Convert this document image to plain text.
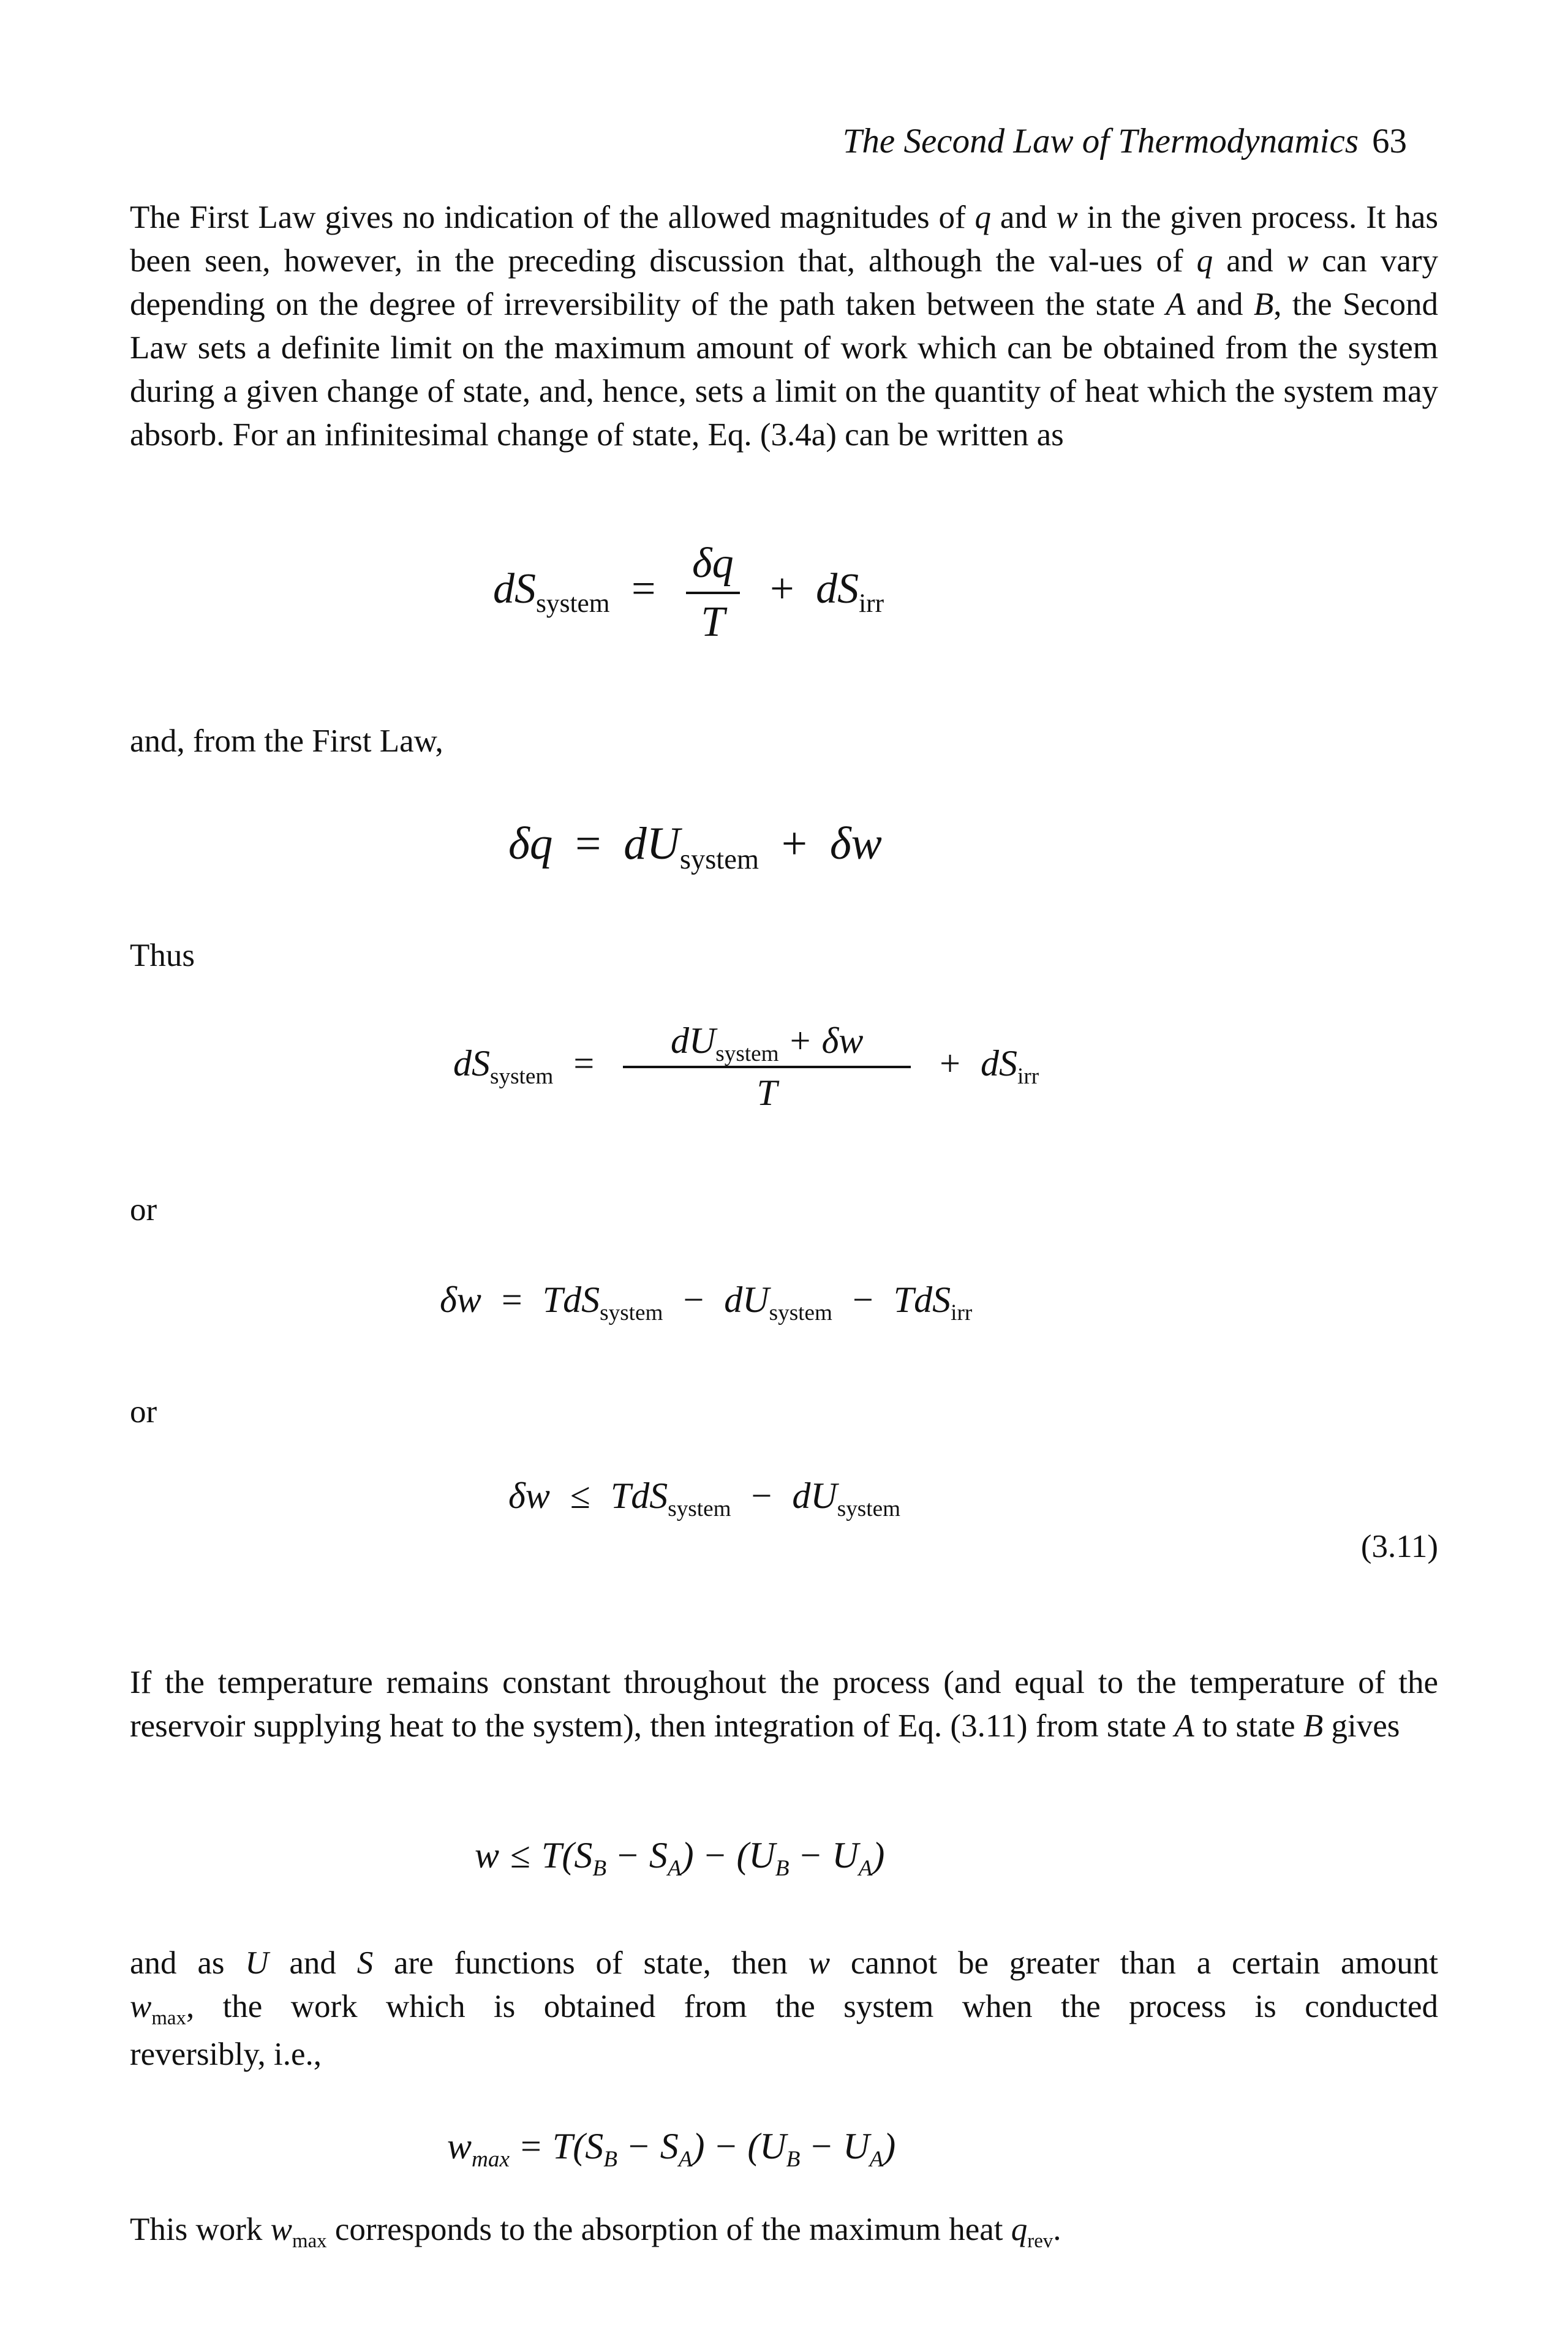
The Second Law of Thermodynamics 63
The First Law gives no indication of the allowed magnitudes of q and w in the given process. It has been seen, however, in the preceding discussion that, although the val-ues of q and w can vary depending on the degree of irreversibility of the path taken between the state A and B, the Second Law sets a definite limit on the maximum amount of work which can be obtained from the system during a given change of state, and, hence, sets a limit on the quantity of heat which the system may absorb. For an infinitesimal change of state, Eq. (3.4a) can be written as
$dS_{system} = \frac{\delta q}{T} + dS_{irr}$
and, from the First Law,
$\delta q = dU_{system} + \delta w$
Thus
$dS_{system} = \frac{dU_{system} + \delta w}{T} + dS_{irr}$
or
$\delta w = TdS_{system} - dU_{system} - TdS_{irr}$
or
$\delta w \le TdS_{system} - dU_{system}$
(3.11)
If the temperature remains constant throughout the process (and equal to the temperature of the reservoir supplying heat to the system), then integration of Eq. (3.11) from state A to state B gives
$w \le T(S_B - S_A) - (U_B - U_A)$
and as U and S are functions of state, then w cannot be greater than a certain amount
$w_{max}$, the work which is obtained from the system when the process is conducted
reversibly, i.e.,
$w_{max} = T(S_B - S_A) - (U_B - U_A)$
This work $w_{max}$ corresponds to the absorption of the maximum heat $q_{rev}$.
